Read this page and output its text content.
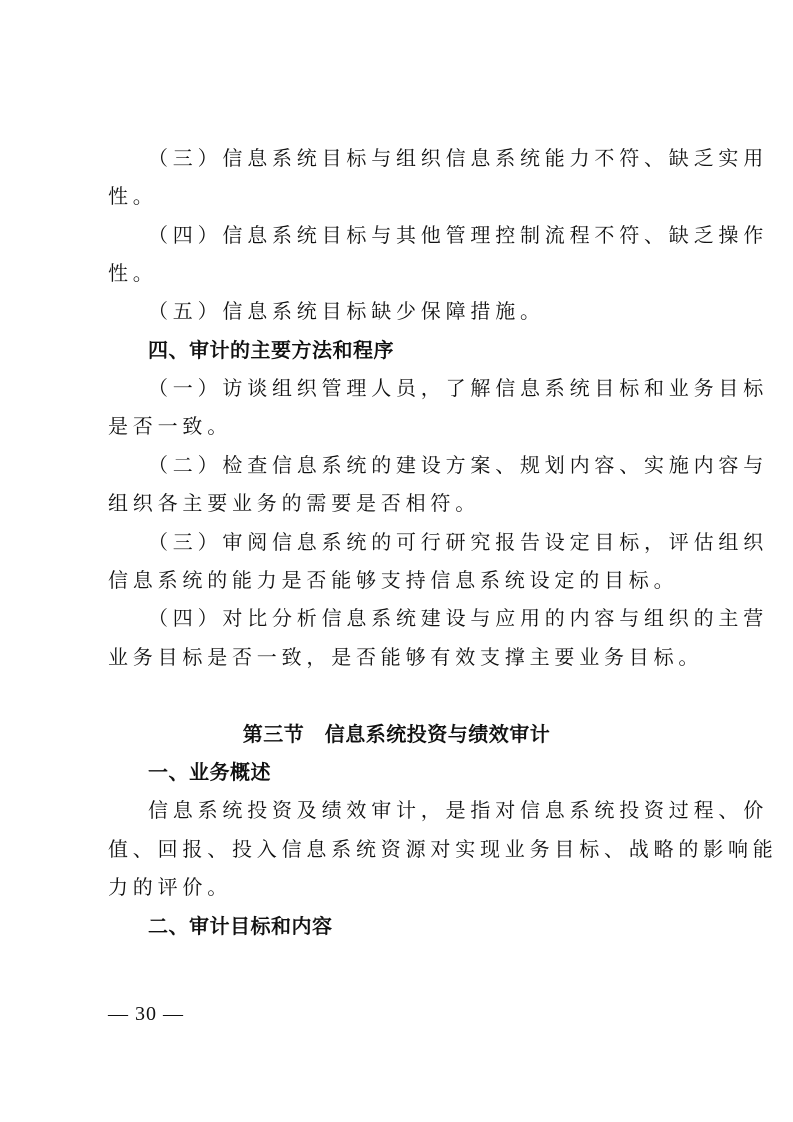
（三）信息系统目标与组织信息系统能力不符、缺乏实用
性。
（四）信息系统目标与其他管理控制流程不符、缺乏操作
性。
（五）信息系统目标缺少保障措施。
四、审计的主要方法和程序
（一）访谈组织管理人员，了解信息系统目标和业务目标
是否一致。
（二）检查信息系统的建设方案、规划内容、实施内容与
组织各主要业务的需要是否相符。
（三）审阅信息系统的可行研究报告设定目标，评估组织
信息系统的能力是否能够支持信息系统设定的目标。
（四）对比分析信息系统建设与应用的内容与组织的主营
业务目标是否一致，是否能够有效支撑主要业务目标。
第三节　信息系统投资与绩效审计
一、业务概述
信息系统投资及绩效审计，是指对信息系统投资过程、价
值、回报、投入信息系统资源对实现业务目标、战略的影响能
力的评价。
二、审计目标和内容
— 30 —
